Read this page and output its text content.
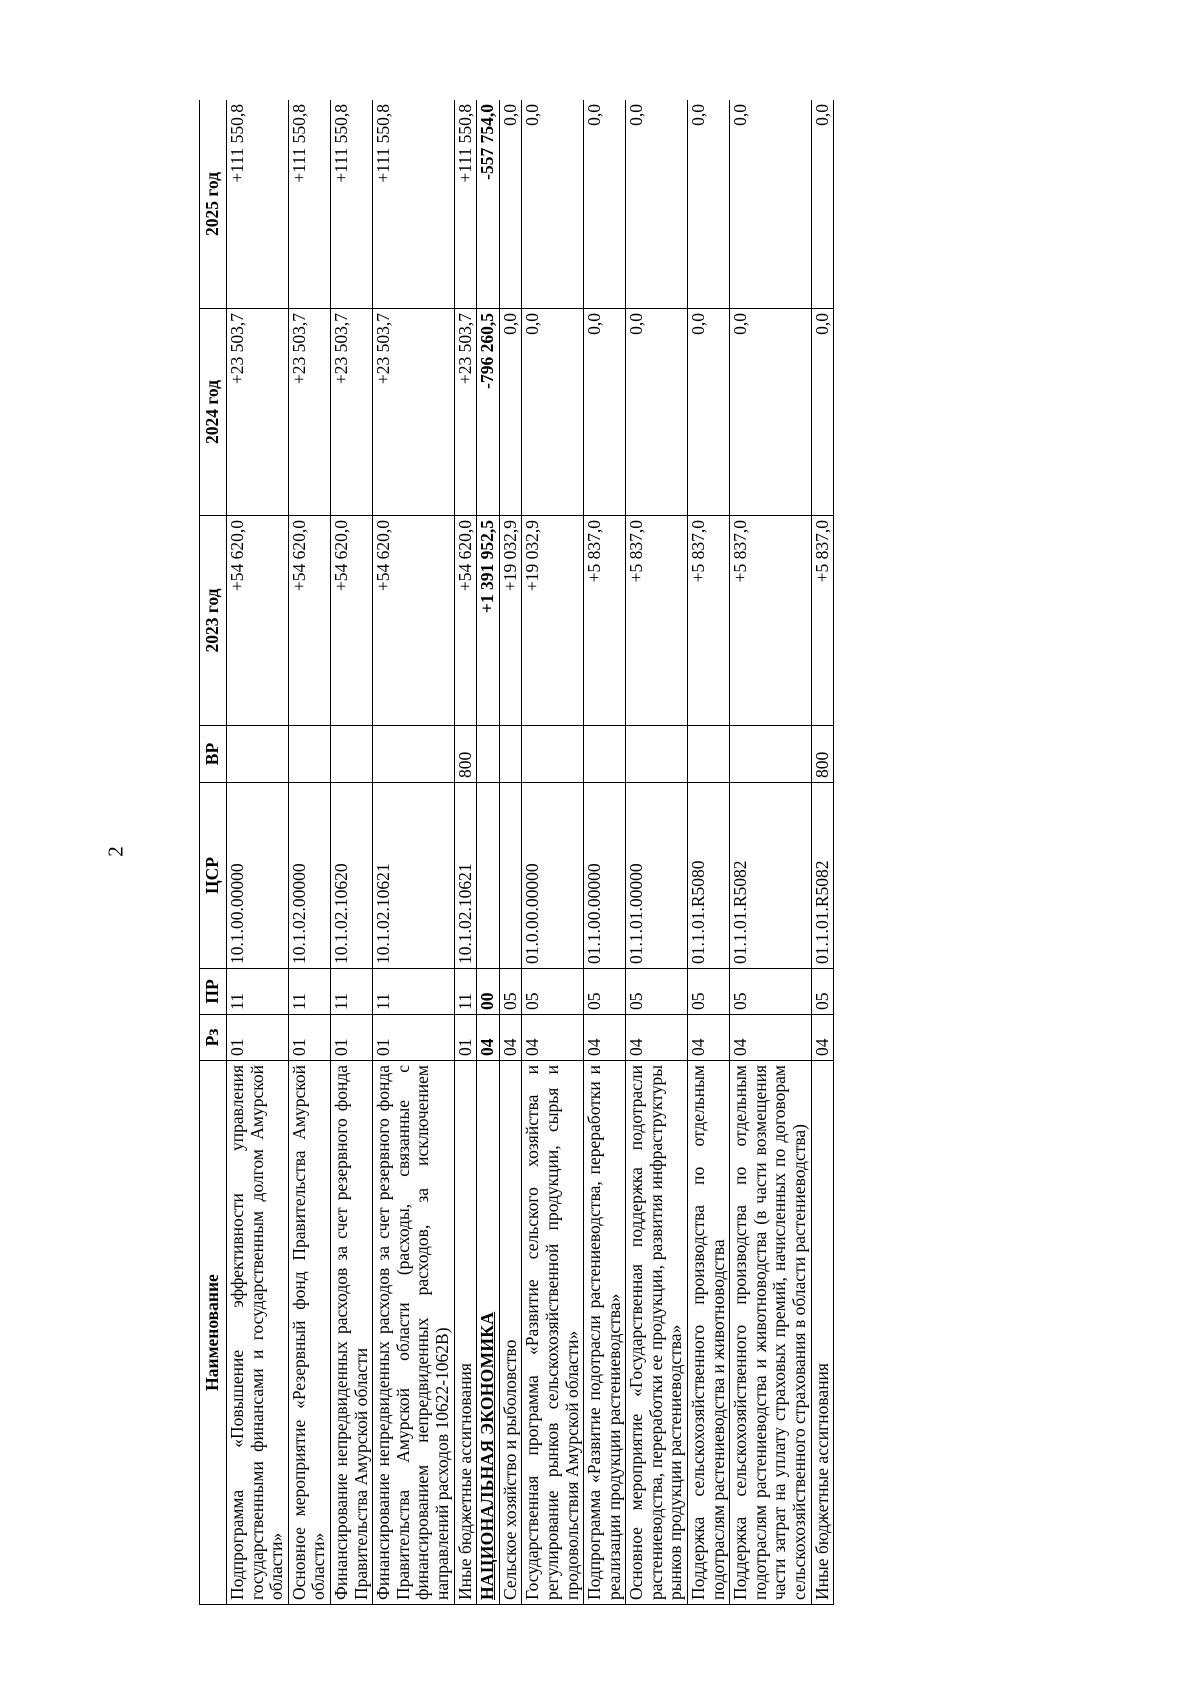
2
Наименование	Рз	ПР	ЦСР	ВР	2023 год	2024 год	2025 год
Подпрограмма «Повышение эффективности управления государственными финансами и государственным долгом Амурской области»	01	11	10.1.00.00000		+54 620,0	+23 503,7	+111 550,8
Основное мероприятие «Резервный фонд Правительства Амурской области»	01	11	10.1.02.00000		+54 620,0	+23 503,7	+111 550,8
Финансирование непредвиденных расходов за счет резервного фонда Правительства Амурской области	01	11	10.1.02.10620		+54 620,0	+23 503,7	+111 550,8
Финансирование непредвиденных расходов за счет резервного фонда Правительства Амурской области (расходы, связанные с финансированием непредвиденных расходов, за исключением направлений расходов 10622-1062В)	01	11	10.1.02.10621		+54 620,0	+23 503,7	+111 550,8
Иные бюджетные ассигнования	01	11	10.1.02.10621	800	+54 620,0	+23 503,7	+111 550,8
НАЦИОНАЛЬНАЯ ЭКОНОМИКА	04	00			+1 391 952,5	-796 260,5	-557 754,0
Сельское хозяйство и рыболовство	04	05			+19 032,9	0,0	0,0
Государственная программа «Развитие сельского хозяйства и регулирование рынков сельскохозяйственной продукции, сырья и продовольствия Амурской области»	04	05	01.0.00.00000		+19 032,9	0,0	0,0
Подпрограмма «Развитие подотрасли растениеводства, переработки и реализации продукции растениеводства»	04	05	01.1.00.00000		+5 837,0	0,0	0,0
Основное мероприятие «Государственная поддержка подотрасли растениеводства, переработки ее продукции, развития инфраструктуры рынков продукции растениеводства»	04	05	01.1.01.00000		+5 837,0	0,0	0,0
Поддержка сельскохозяйственного производства по отдельным подотраслям растениеводства и животноводства	04	05	01.1.01.R5080		+5 837,0	0,0	0,0
Поддержка сельскохозяйственного производства по отдельным подотраслям растениеводства и животноводства (в части возмещения части затрат на уплату страховых премий, начисленных по договорам сельскохозяйственного страхования в области растениеводства)	04	05	01.1.01.R5082		+5 837,0	0,0	0,0
Иные бюджетные ассигнования	04	05	01.1.01.R5082	800	+5 837,0	0,0	0,0
